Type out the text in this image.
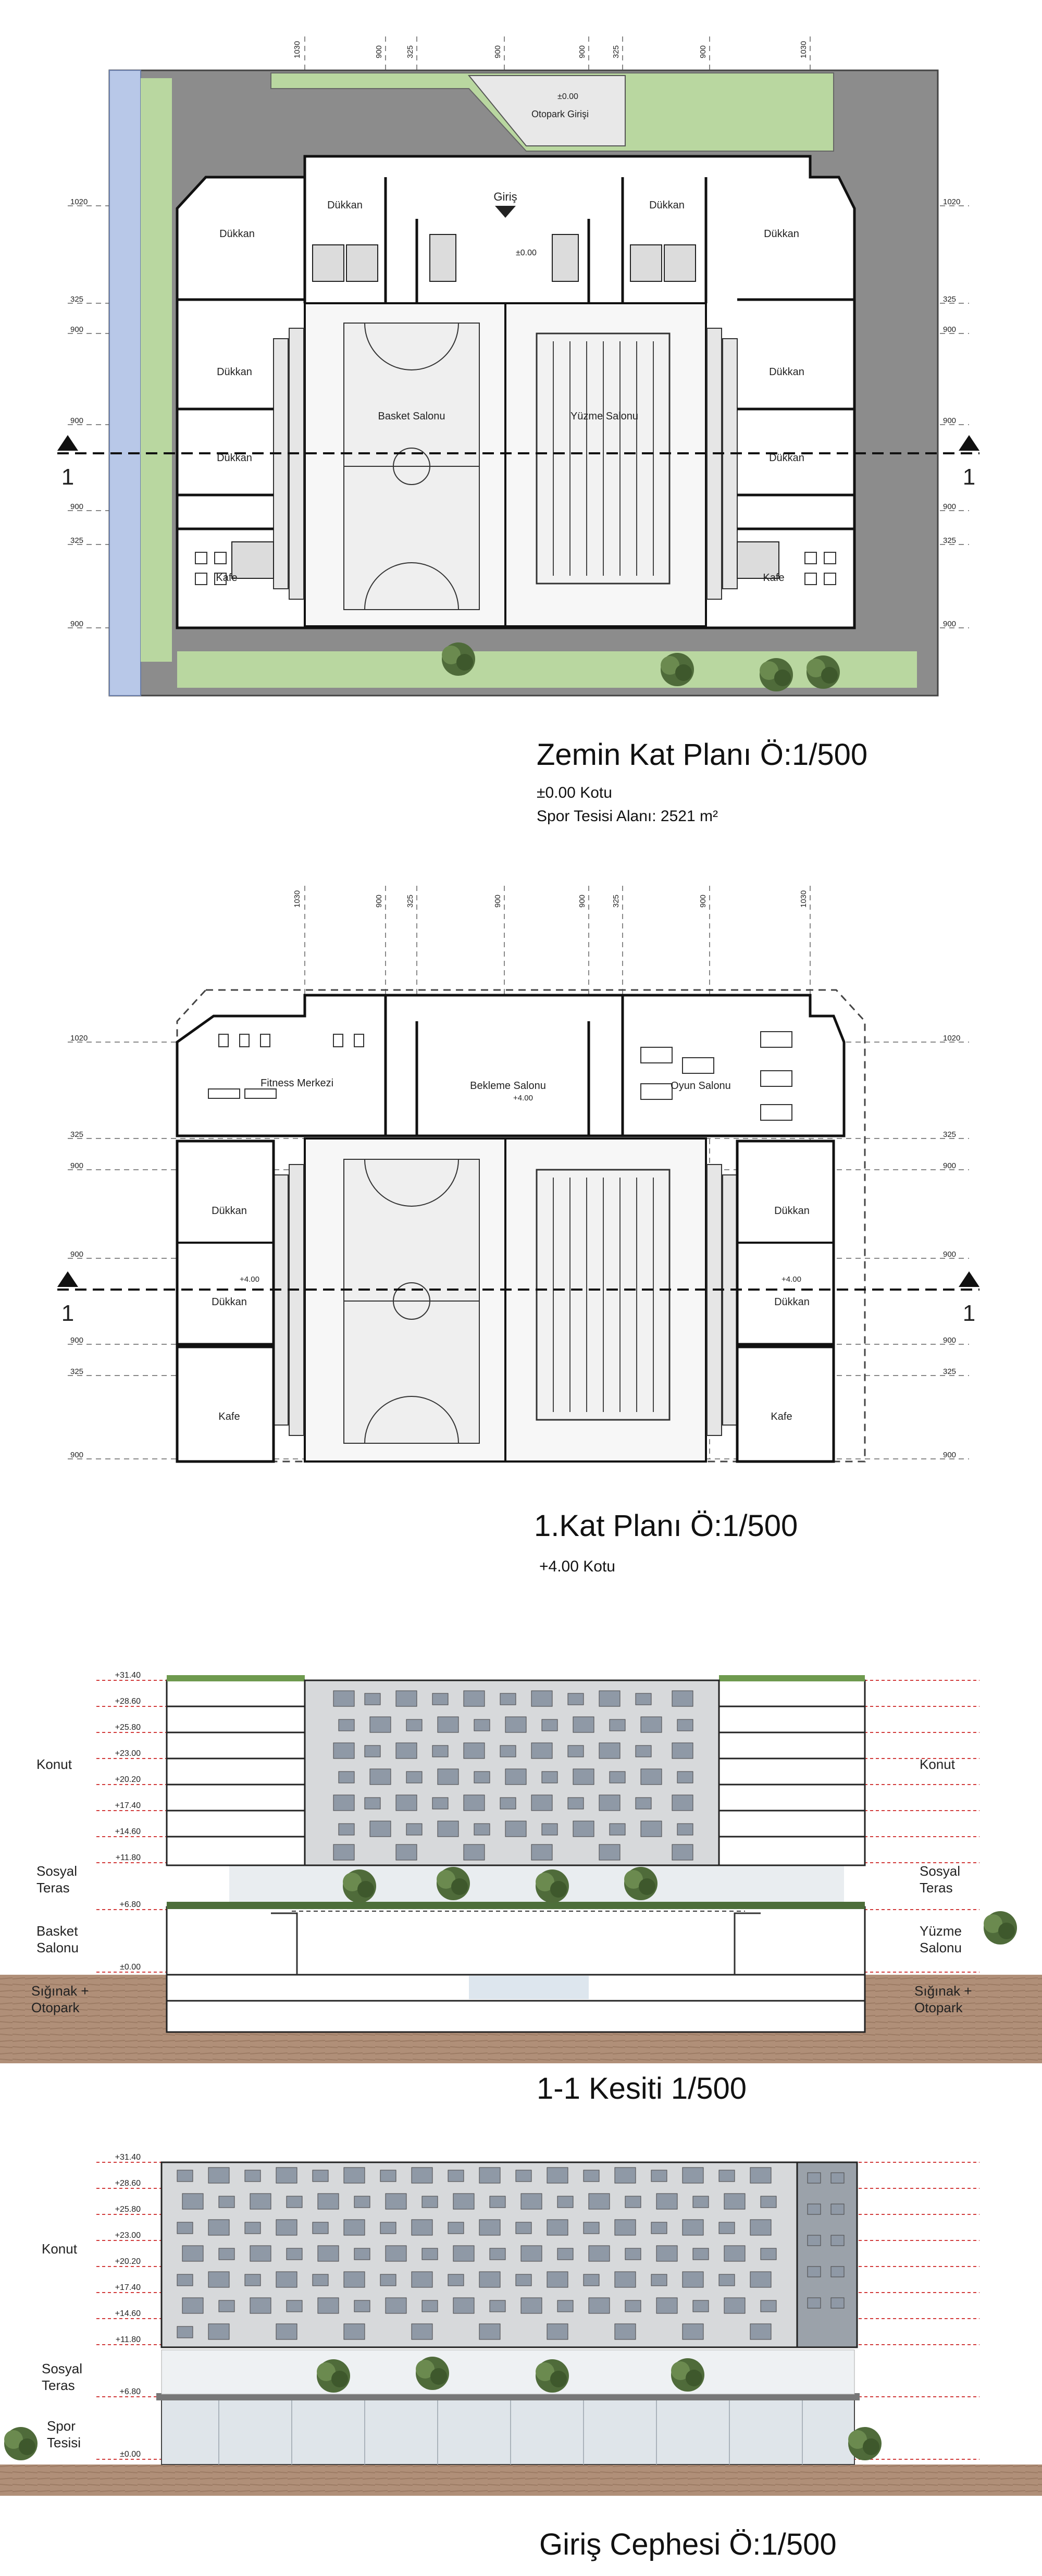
1030	900	325	900	900	325	900	1030
1020
325
900
900
900
325
900
1020
325
900
900
900
325
900
Otopark Girişi
±0.00
Dükkan
Dükkan	Dükkan
Dükkan
Dükkan	Dükkan
Dükkan	Dükkan
Kafe	Kafe
Basket Salonu	Yüzme Salonu
Giriş
±0.00
1	1
1030	900	325	900	900	325	900	1030
1020
325
900
900
900
325
900
1020
325
900
900
900
325
900
Fitness Merkezi	Bekleme Salonu	Oyun Salonu
Dükkan	Dükkan
Dükkan	Dükkan
Kafe	Kafe
+4.00
+4.00	+4.00
1	1
+31.40
+28.60
+25.80
+23.00
+20.20
+17.40
+14.60
+11.80
+6.80
±0.00
Konut
Sosyal
Teras
Basket
Salonu
Sığınak +
Otopark
Konut
Sosyal
Teras
Yüzme
Salonu
Sığınak +
Otopark
+31.40
+28.60
+25.80
+23.00
+20.20
+17.40
+14.60
+11.80
+6.80
±0.00
Konut
Sosyal
Teras
Spor
Tesisi
Zemin Kat Planı Ö:1/500
±0.00 Kotu
Spor Tesisi Alanı: 2521 m²
1.Kat Planı Ö:1/500
+4.00 Kotu
1-1 Kesiti 1/500
Giriş Cephesi Ö:1/500
